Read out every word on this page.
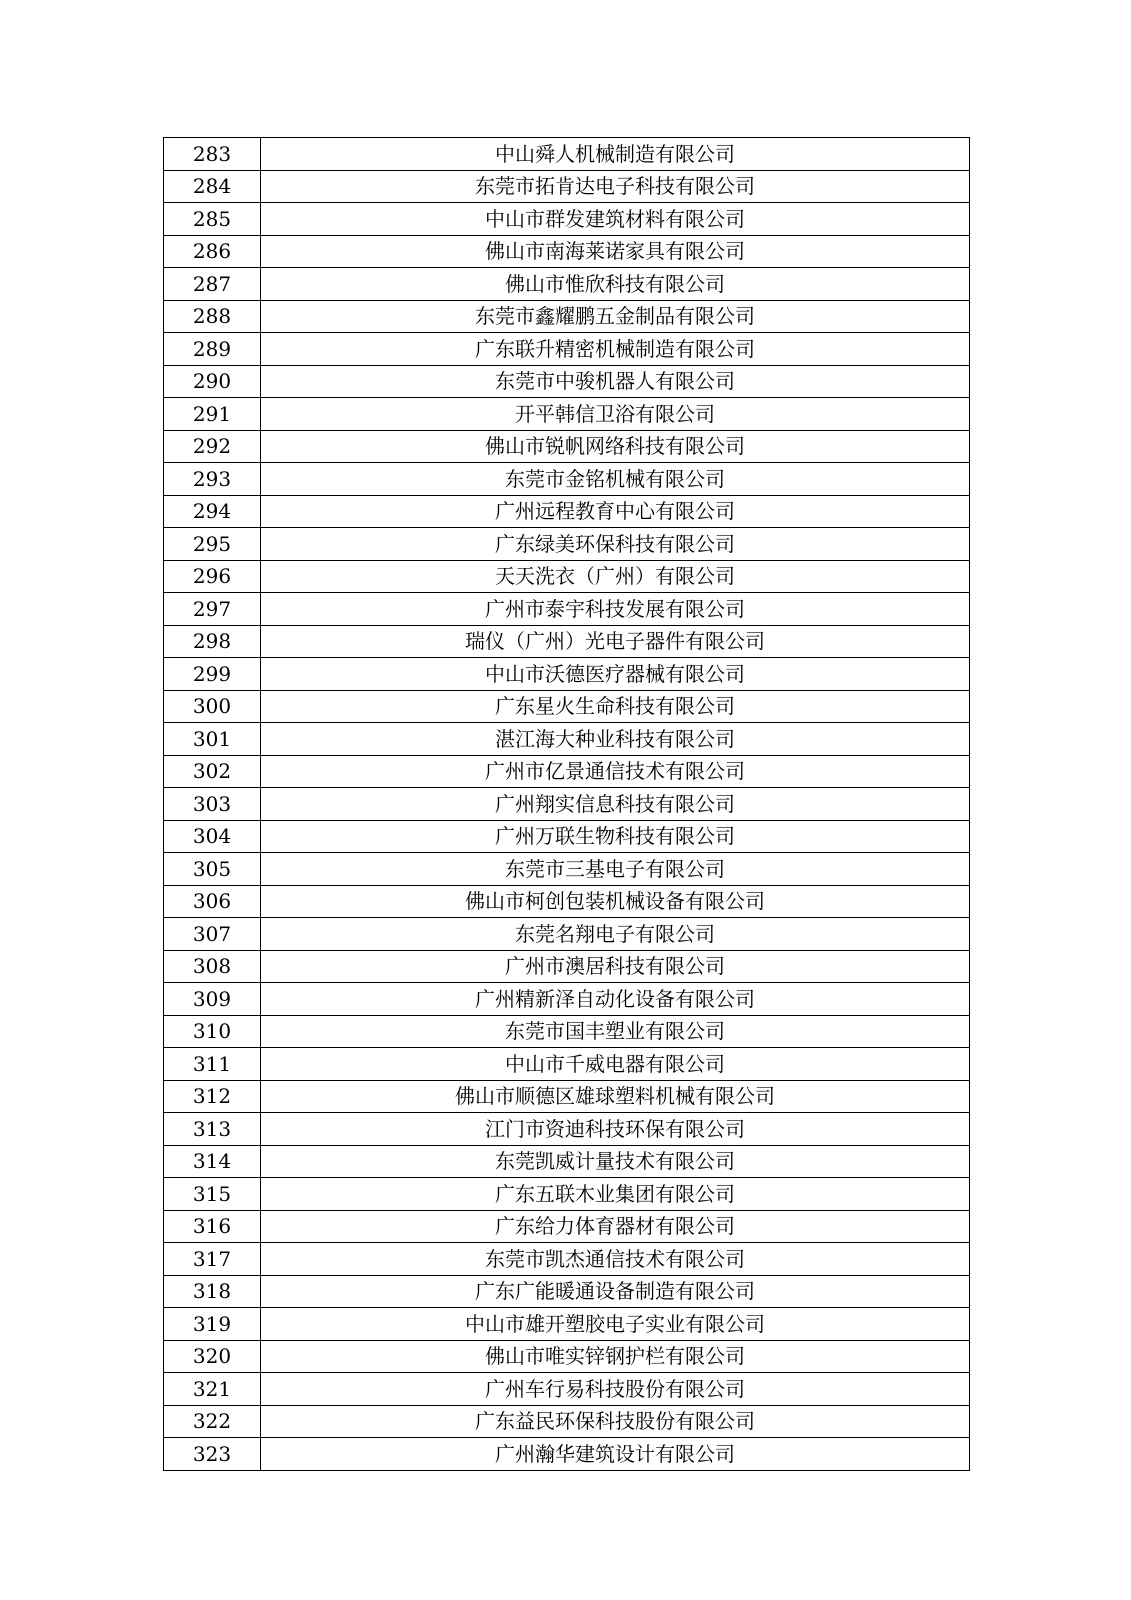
283	中山舜人机械制造有限公司
284	东莞市拓肯达电子科技有限公司
285	中山市群发建筑材料有限公司
286	佛山市南海莱诺家具有限公司
287	佛山市惟欣科技有限公司
288	东莞市鑫耀鹏五金制品有限公司
289	广东联升精密机械制造有限公司
290	东莞市中骏机器人有限公司
291	开平韩信卫浴有限公司
292	佛山市锐帆网络科技有限公司
293	东莞市金铭机械有限公司
294	广州远程教育中心有限公司
295	广东绿美环保科技有限公司
296	天天洗衣（广州）有限公司
297	广州市泰宇科技发展有限公司
298	瑞仪（广州）光电子器件有限公司
299	中山市沃德医疗器械有限公司
300	广东星火生命科技有限公司
301	湛江海大种业科技有限公司
302	广州市亿景通信技术有限公司
303	广州翔实信息科技有限公司
304	广州万联生物科技有限公司
305	东莞市三基电子有限公司
306	佛山市柯创包装机械设备有限公司
307	东莞名翔电子有限公司
308	广州市澳居科技有限公司
309	广州精新泽自动化设备有限公司
310	东莞市国丰塑业有限公司
311	中山市千威电器有限公司
312	佛山市顺德区雄球塑料机械有限公司
313	江门市资迪科技环保有限公司
314	东莞凯威计量技术有限公司
315	广东五联木业集团有限公司
316	广东给力体育器材有限公司
317	东莞市凯杰通信技术有限公司
318	广东广能暖通设备制造有限公司
319	中山市雄开塑胶电子实业有限公司
320	佛山市唯实锌钢护栏有限公司
321	广州车行易科技股份有限公司
322	广东益民环保科技股份有限公司
323	广州瀚华建筑设计有限公司
